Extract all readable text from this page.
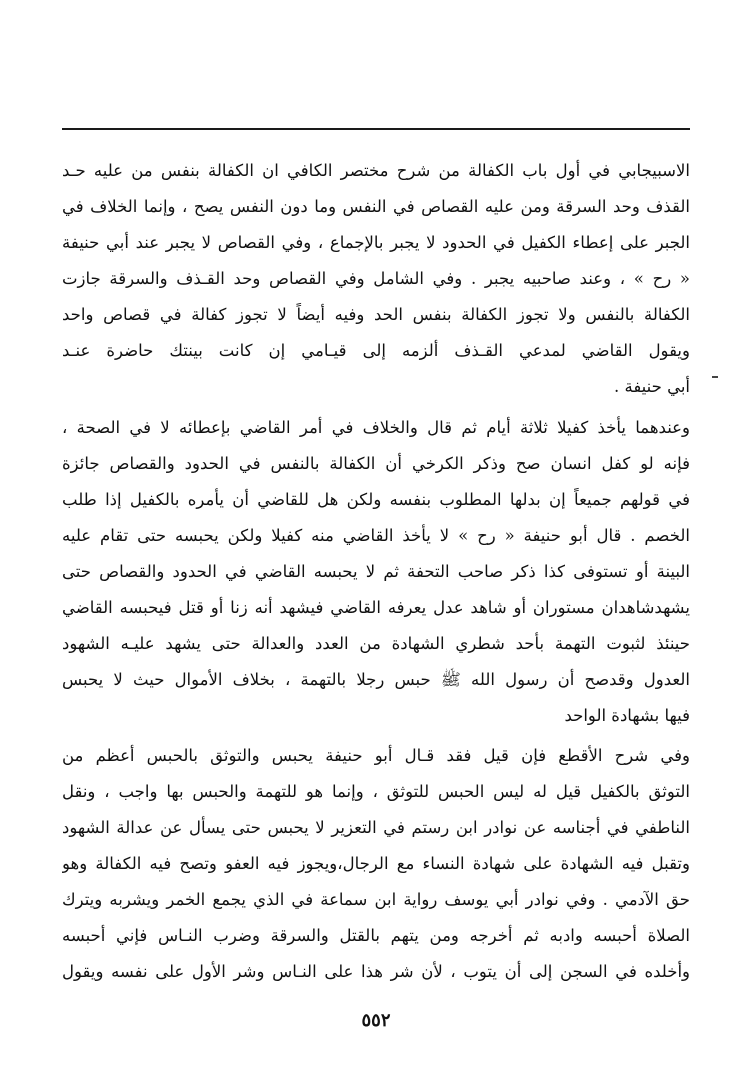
الاسبيجابي في أول باب الكفالة من شرح مختصر الكافي ان الكفالة بنفس من عليه حـد
القذف وحد السرقة ومن عليه القصاص في النفس وما دون النفس يصح ، وإنما الخلاف في
الجبر على إعطاء الكفيل في الحدود لا يجبر بالإجماع ، وفي القصاص لا يجبر عند أبي حنيفة
« رح » ، وعند صاحبيه يجبر . وفي الشامل وفي القصاص وحد القـذف والسرقة جازت
الكفالة بالنفس ولا تجوز الكفالة بنفس الحد وفيه أيضاً لا تجوز كفالة في قصاص واحد
ويقول القاضي لمدعي القـذف ألزمه إلى قيـامي إن كانت بينتك حاضرة عنـد
أبي حنيفة .
وعندهما يأخذ كفيلا ثلاثة أيام ثم قال والخلاف في أمر القاضي بإعطائه لا في الصحة ،
فإنه لو كفل انسان صح وذكر الكرخي أن الكفالة بالنفس في الحدود والقصاص جائزة
في قولهم جميعاً إن بدلها المطلوب بنفسه ولكن هل للقاضي أن يأمره بالكفيل إذا طلب
الخصم . قال أبو حنيفة « رح » لا يأخذ القاضي منه كفيلا ولكن يحبسه حتى تقام عليه
البينة أو تستوفى كذا ذكر صاحب التحفة ثم لا يحبسه القاضي في الحدود والقصاص حتى
يشهدشاهدان مستوران أو شاهد عدل يعرفه القاضي فيشهد أنه زنا أو قتل فيحبسه القاضي
حينئذ لثبوت التهمة بأحد شطري الشهادة من العدد والعدالة حتى يشهد عليـه الشهود
العدول وقدصح أن رسول الله ﷺ حبس رجلا بالتهمة ، بخلاف الأموال حيث لا يحبس
فيها بشهادة الواحد
وفي شرح الأقطع فإن قيل فقد قـال أبو حنيفة يحبس والتوثق بالحبس أعظم من
التوثق بالكفيل قيل له ليس الحبس للتوثق ، وإنما هو للتهمة والحبس بها واجب ، ونقل
الناطفي في أجناسه عن نوادر ابن رستم في التعزير لا يحبس حتى يسأل عن عدالة الشهود
وتقبل فيه الشهادة على شهادة النساء مع الرجال،ويجوز فيه العفو وتصح فيه الكفالة وهو
حق الآدمي . وفي نوادر أبي يوسف رواية ابن سماعة في الذي يجمع الخمر ويشربه ويترك
الصلاة أحبسه وادبه ثم أخرجه ومن يتهم بالقتل والسرقة وضرب النـاس فإني أحبسه
وأخلده في السجن إلى أن يتوب ، لأن شر هذا على النـاس وشر الأول على نفسه ويقول
٥٥٢
